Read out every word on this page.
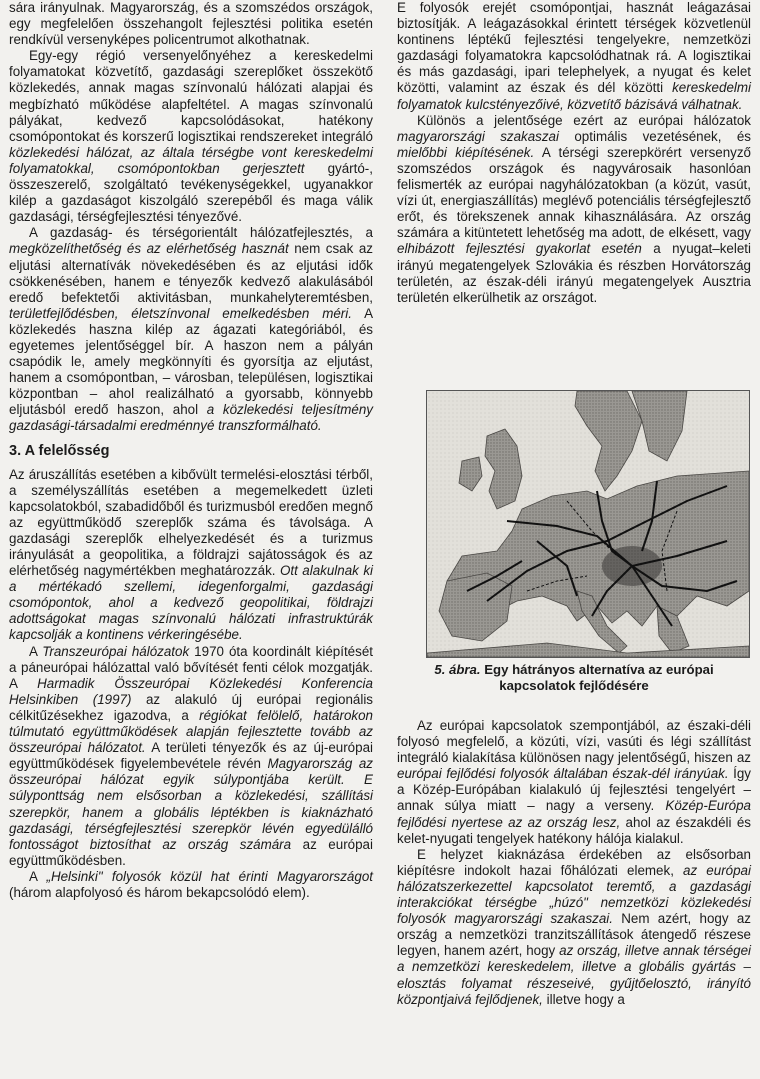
sára irányulnak. Magyarország, és a szomszédos országok, egy megfelelően összehangolt fejlesztési politika esetén rendkívül versenyképes policentrumot alkothatnak.

Egy-egy régió versenyelőnyéhez a kereskedelmi folyamatokat közvetítő, gazdasági szereplőket összekötő közlekedés, annak magas színvonalú hálózati alapjai és megbízható működése alapfeltétel. A magas színvonalú pályákat, kedvező kapcsolódásokat, hatékony csomópontokat és korszerű logisztikai rendszereket integráló közlekedési hálózat, az általa térségbe vont kereskedelmi folyamatokkal, csomópontokban gerjesztett gyártó-, összeszerelő, szolgáltató tevékenységekkel, ugyanakkor kilép a gazdaságot kiszolgáló szerepéből és maga válik gazdasági, térségfejlesztési tényezővé.

A gazdaság- és térségorientált hálózatfejlesztés, a megközelíthetőség és az elérhetőség hasznát nem csak az eljutási alternatívák növekedésében és az eljutási idők csökkenésében, hanem e tényezők kedvező alakulásából eredő befektetői aktivitásban, munkahelyteremtésben, területfejlődésben, életszínvonal emelkedésben méri. A közlekedés haszna kilép az ágazati kategóriából, és egyetemes jelentőséggel bír. A haszon nem a pályán csapódik le, amely megkönnyíti és gyorsítja az eljutást, hanem a csomópontban, – városban, településen, logisztikai központban – ahol realizálható a gyorsabb, könnyebb eljutásból eredő haszon, ahol a közlekedési teljesítmény gazdasági-társadalmi eredménnyé transzformálható.

3. A felelősség

Az áruszállítás esetében a kibővült termelési-elosztási térből, a személyszállítás esetében a megemelkedett üzleti kapcsolatokból, szabadidőből és turizmusból eredően megnő az együttműködő szereplők száma és távolsága. A gazdasági szereplők elhelyezkedését és a turizmus irányulását a geopolitika, a földrajzi sajátosságok és az elérhetőség nagymértékben meghatározzák. Ott alakulnak ki a mértékadó szellemi, idegenforgalmi, gazdasági csomópontok, ahol a kedvező geopolitikai, földrajzi adottságokat magas színvonalú hálózati infrastruktúrák kapcsolják a kontinens vérkeringésébe.

A Transzeurópai hálózatok 1970 óta koordinált kiépítését a páneurópai hálózattal való bővítését fenti célok mozgatják. A Harmadik Összeurópai Közlekedési Konferencia Helsinkiben (1997) az alakuló új európai regionális célkitűzésekhez igazodva, a régiókat felölelő, határokon túlmutató együttműködések alapján fejlesztette tovább az összeurópai hálózatot. A területi tényezők és az új-európai együttműködések figyelembevétele révén Magyarország az összeurópai hálózat egyik súlypontjába került. E súlyponttság nem elsősorban a közlekedési, szállítási szerepkör, hanem a globális léptékben is kiaknázható gazdasági, térségfejlesztési szerepkör lévén egyedülálló fontosságot biztosíthat az ország számára az európai együttműködésben.

A „Helsinki" folyosók közül hat érinti Magyarországot (három alapfolyosó és három bekapcsolódó elem).

E folyosók erejét csomópontjai, hasznát leágazásai biztosítják. A leágazásokkal érintett térségek közvetlenül kontinens léptékű fejlesztési tengelyekre, nemzetközi gazdasági folyamatokra kapcsolódhatnak rá. A logisztikai és más gazdasági, ipari telephelyek, a nyugat és kelet közötti, valamint az észak és dél közötti kereskedelmi folyamatok kulcstényezőivé, közvetítő bázisává válhatnak.

Különös a jelentősége ezért az európai hálózatok magyarországi szakaszai optimális vezetésének, és mielőbbi kiépítésének. A térségi szerepkörért versenyző szomszédos országok és nagyvárosaik hasonlóan felismerték az európai nagyhálózatokban (a közút, vasút, vízi út, energiaszállítás) meglévő potenciális térségfejlesztő erőt, és törekszenek annak kihasználására. Az ország számára a kitüntetett lehetőség ma adott, de elkésett, vagy elhibázott fejlesztési gyakorlat esetén a nyugat–keleti irányú megatengelyek Szlovákia és részben Horvátország területén, az észak-déli irányú megatengelyek Ausztria területén elkerülhetik az országot.

5. ábra. Egy hátrányos alternatíva az európai kapcsolatok fejlődésére

Az európai kapcsolatok szempontjából, az északi-déli folyosó megfelelő, a közúti, vízi, vasúti és légi szállítást integráló kialakítása különösen nagy jelentőségű, hiszen az európai fejlődési folyosók általában észak-dél irányúak. Így a Közép-Európában kialakuló új fejlesztési tengelyért – annak súlya miatt – nagy a verseny. Közép-Európa fejlődési nyertese az az ország lesz, ahol az északdéli és kelet-nyugati tengelyek hatékony hálója kialakul.

E helyzet kiaknázása érdekében az elsősorban kiépítésre indokolt hazai főhálózati elemek, az európai hálózatszerkezettel kapcsolatot teremtő, a gazdasági interakciókat térségbe „húzó" nemzetközi közlekedési folyosók magyarországi szakaszai. Nem azért, hogy az ország a nemzetközi tranzitszállítások átengedő részese legyen, hanem azért, hogy az ország, illetve annak térségei a nemzetközi kereskedelem, illetve a globális gyártás – elosztás folyamat részeseivé, gyűjtőelosztó, irányító központjaivá fejlődjenek, illetve hogy a
